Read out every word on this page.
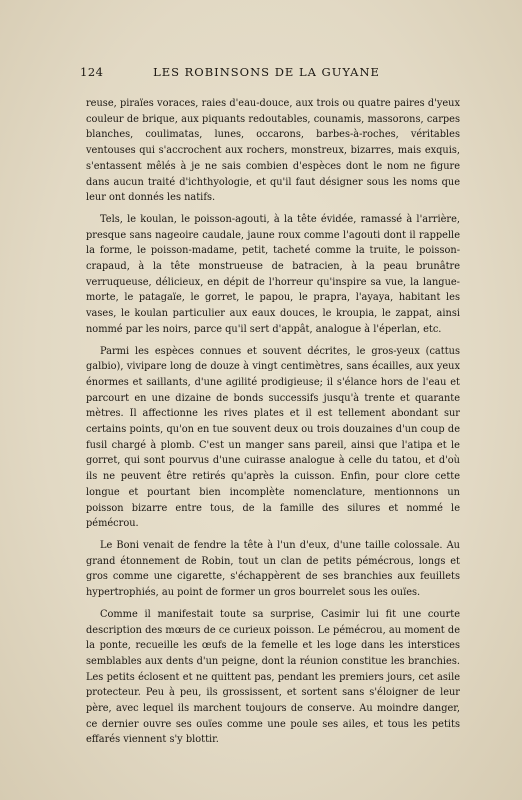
124	LES ROBINSONS DE LA GUYANE

reuse, piraïes voraces, raies d'eau-douce, aux trois ou quatre paires d'yeux couleur de brique, aux piquants redoutables, counamis, massorons, carpes blanches, coulimatas, lunes, occarons, barbes-à-roches, véritables ventouses qui s'accrochent aux rochers, monstreux, bizarres, mais exquis, s'entassent mêlés à je ne sais combien d'espèces dont le nom ne figure dans aucun traité d'ichthyologie, et qu'il faut désigner sous les noms que leur ont donnés les natifs.

Tels, le koulan, le poisson-agouti, à la tête évidée, ramassé à l'arrière, presque sans nageoire caudale, jaune roux comme l'agouti dont il rappelle la forme, le poisson-madame, petit, tacheté comme la truite, le poisson-crapaud, à la tête monstrueuse de batracien, à la peau brunâtre verruqueuse, délicieux, en dépit de l'horreur qu'inspire sa vue, la langue-morte, le patagaïe, le gorret, le papou, le prapra, l'ayaya, habitant les vases, le koulan particulier aux eaux douces, le kroupia, le zappat, ainsi nommé par les noirs, parce qu'il sert d'appât, analogue à l'éperlan, etc.

Parmi les espèces connues et souvent décrites, le gros-yeux (cattus galbio), vivipare long de douze à vingt centimètres, sans écailles, aux yeux énormes et saillants, d'une agilité prodigieuse; il s'élance hors de l'eau et parcourt en une dizaine de bonds successifs jusqu'à trente et quarante mètres. Il affectionne les rives plates et il est tellement abondant sur certains points, qu'on en tue souvent deux ou trois douzaines d'un coup de fusil chargé à plomb. C'est un manger sans pareil, ainsi que l'atipa et le gorret, qui sont pourvus d'une cuirasse analogue à celle du tatou, et d'où ils ne peuvent être retirés qu'après la cuisson. Enfin, pour clore cette longue et pourtant bien incomplète nomenclature, mentionnons un poisson bizarre entre tous, de la famille des silures et nommé le pémécrou.

Le Boni venait de fendre la tête à l'un d'eux, d'une taille colossale. Au grand étonnement de Robin, tout un clan de petits pémécrous, longs et gros comme une cigarette, s'échappèrent de ses branchies aux feuillets hypertrophiés, au point de former un gros bourrelet sous les ouïes.

Comme il manifestait toute sa surprise, Casimir lui fit une courte description des mœurs de ce curieux poisson. Le pémécrou, au moment de la ponte, recueille les œufs de la femelle et les loge dans les interstices semblables aux dents d'un peigne, dont la réunion constitue les branchies. Les petits éclosent et ne quittent pas, pendant les premiers jours, cet asile protecteur. Peu à peu, ils grossissent, et sortent sans s'éloigner de leur père, avec lequel ils marchent toujours de conserve. Au moindre danger, ce dernier ouvre ses ouïes comme une poule ses ailes, et tous les petits effarés viennent s'y blottir.
